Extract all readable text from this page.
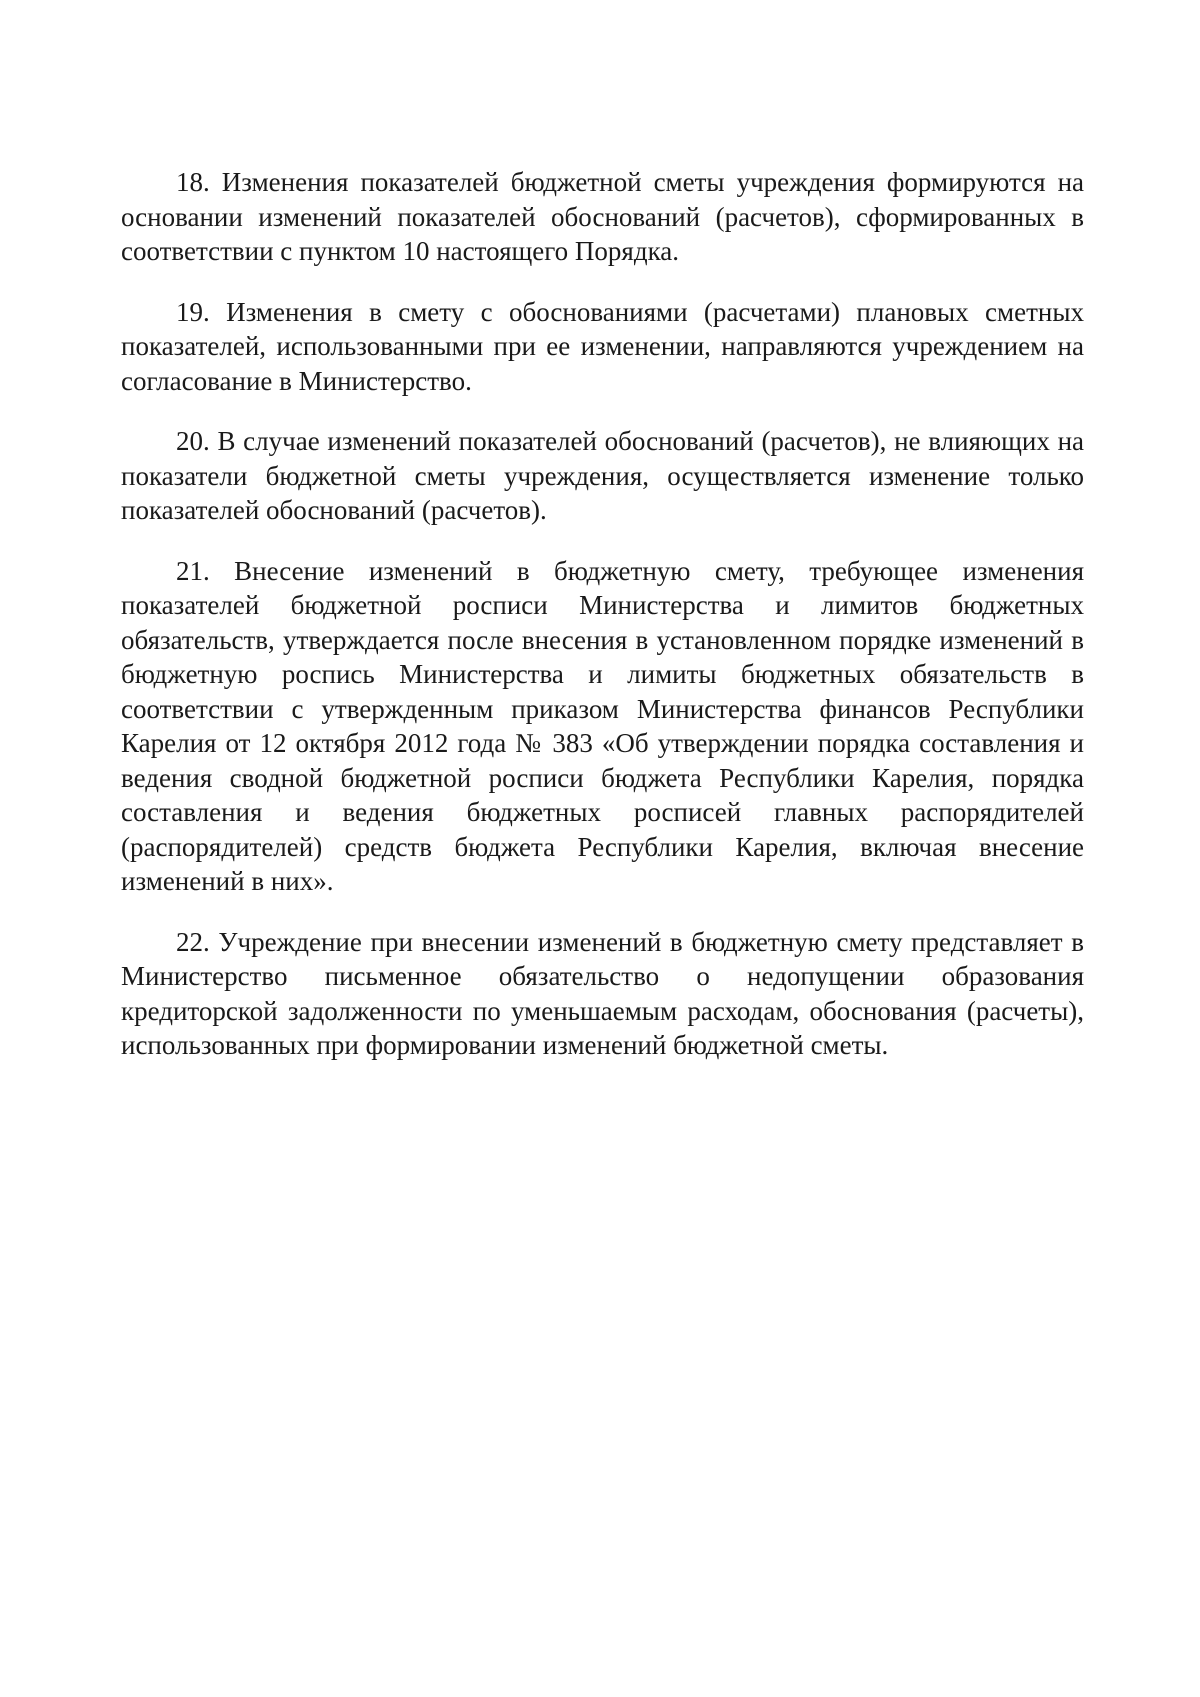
18. Изменения показателей бюджетной сметы учреждения формируются на основании изменений показателей обоснований (расчетов), сформированных в соответствии с пунктом 10 настоящего Порядка.

19. Изменения в смету с обоснованиями (расчетами) плановых сметных показателей, использованными при ее изменении, направляются учреждением на согласование в Министерство.

20. В случае изменений показателей обоснований (расчетов), не влияющих на показатели бюджетной сметы учреждения, осуществляется изменение только показателей обоснований (расчетов).

21. Внесение изменений в бюджетную смету, требующее изменения показателей бюджетной росписи Министерства и лимитов бюджетных обязательств, утверждается после внесения в установленном порядке изменений в бюджетную роспись Министерства и лимиты бюджетных обязательств в соответствии с утвержденным приказом Министерства финансов Республики Карелия от 12 октября 2012 года № 383 «Об утверждении порядка составления и ведения сводной бюджетной росписи бюджета Республики Карелия, порядка составления и ведения бюджетных росписей главных распорядителей (распорядителей) средств бюджета Республики Карелия, включая внесение изменений в них».

22. Учреждение при внесении изменений в бюджетную смету представляет в Министерство письменное обязательство о недопущении образования кредиторской задолженности по уменьшаемым расходам, обоснования (расчеты), использованных при формировании изменений бюджетной сметы.
